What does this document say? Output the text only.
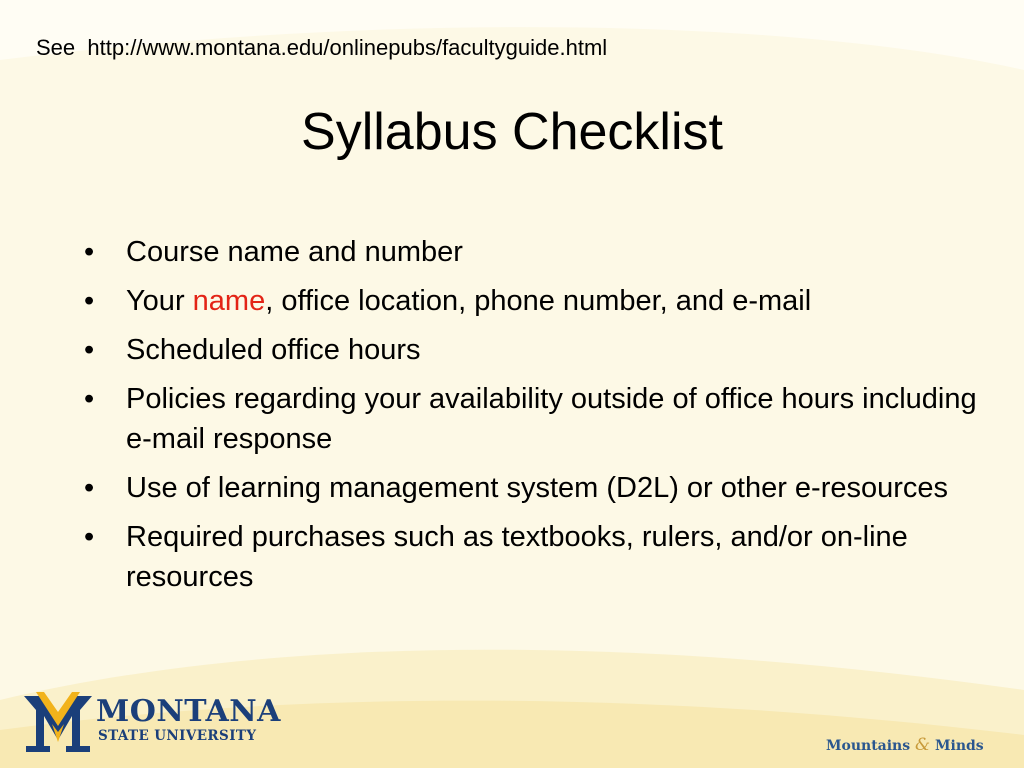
See http://www.montana.edu/onlinepubs/facultyguide.html
Syllabus Checklist
•	Course name and number
•	Your name, office location, phone number, and e-mail
•	Scheduled office hours
•	Policies regarding your availability outside of office hours including e-mail response
•	Use of learning management system (D2L) or other e-resources
•	Required purchases such as textbooks, rulers, and/or on-line resources
MONTANA
STATE UNIVERSITY
Mountains & Minds
